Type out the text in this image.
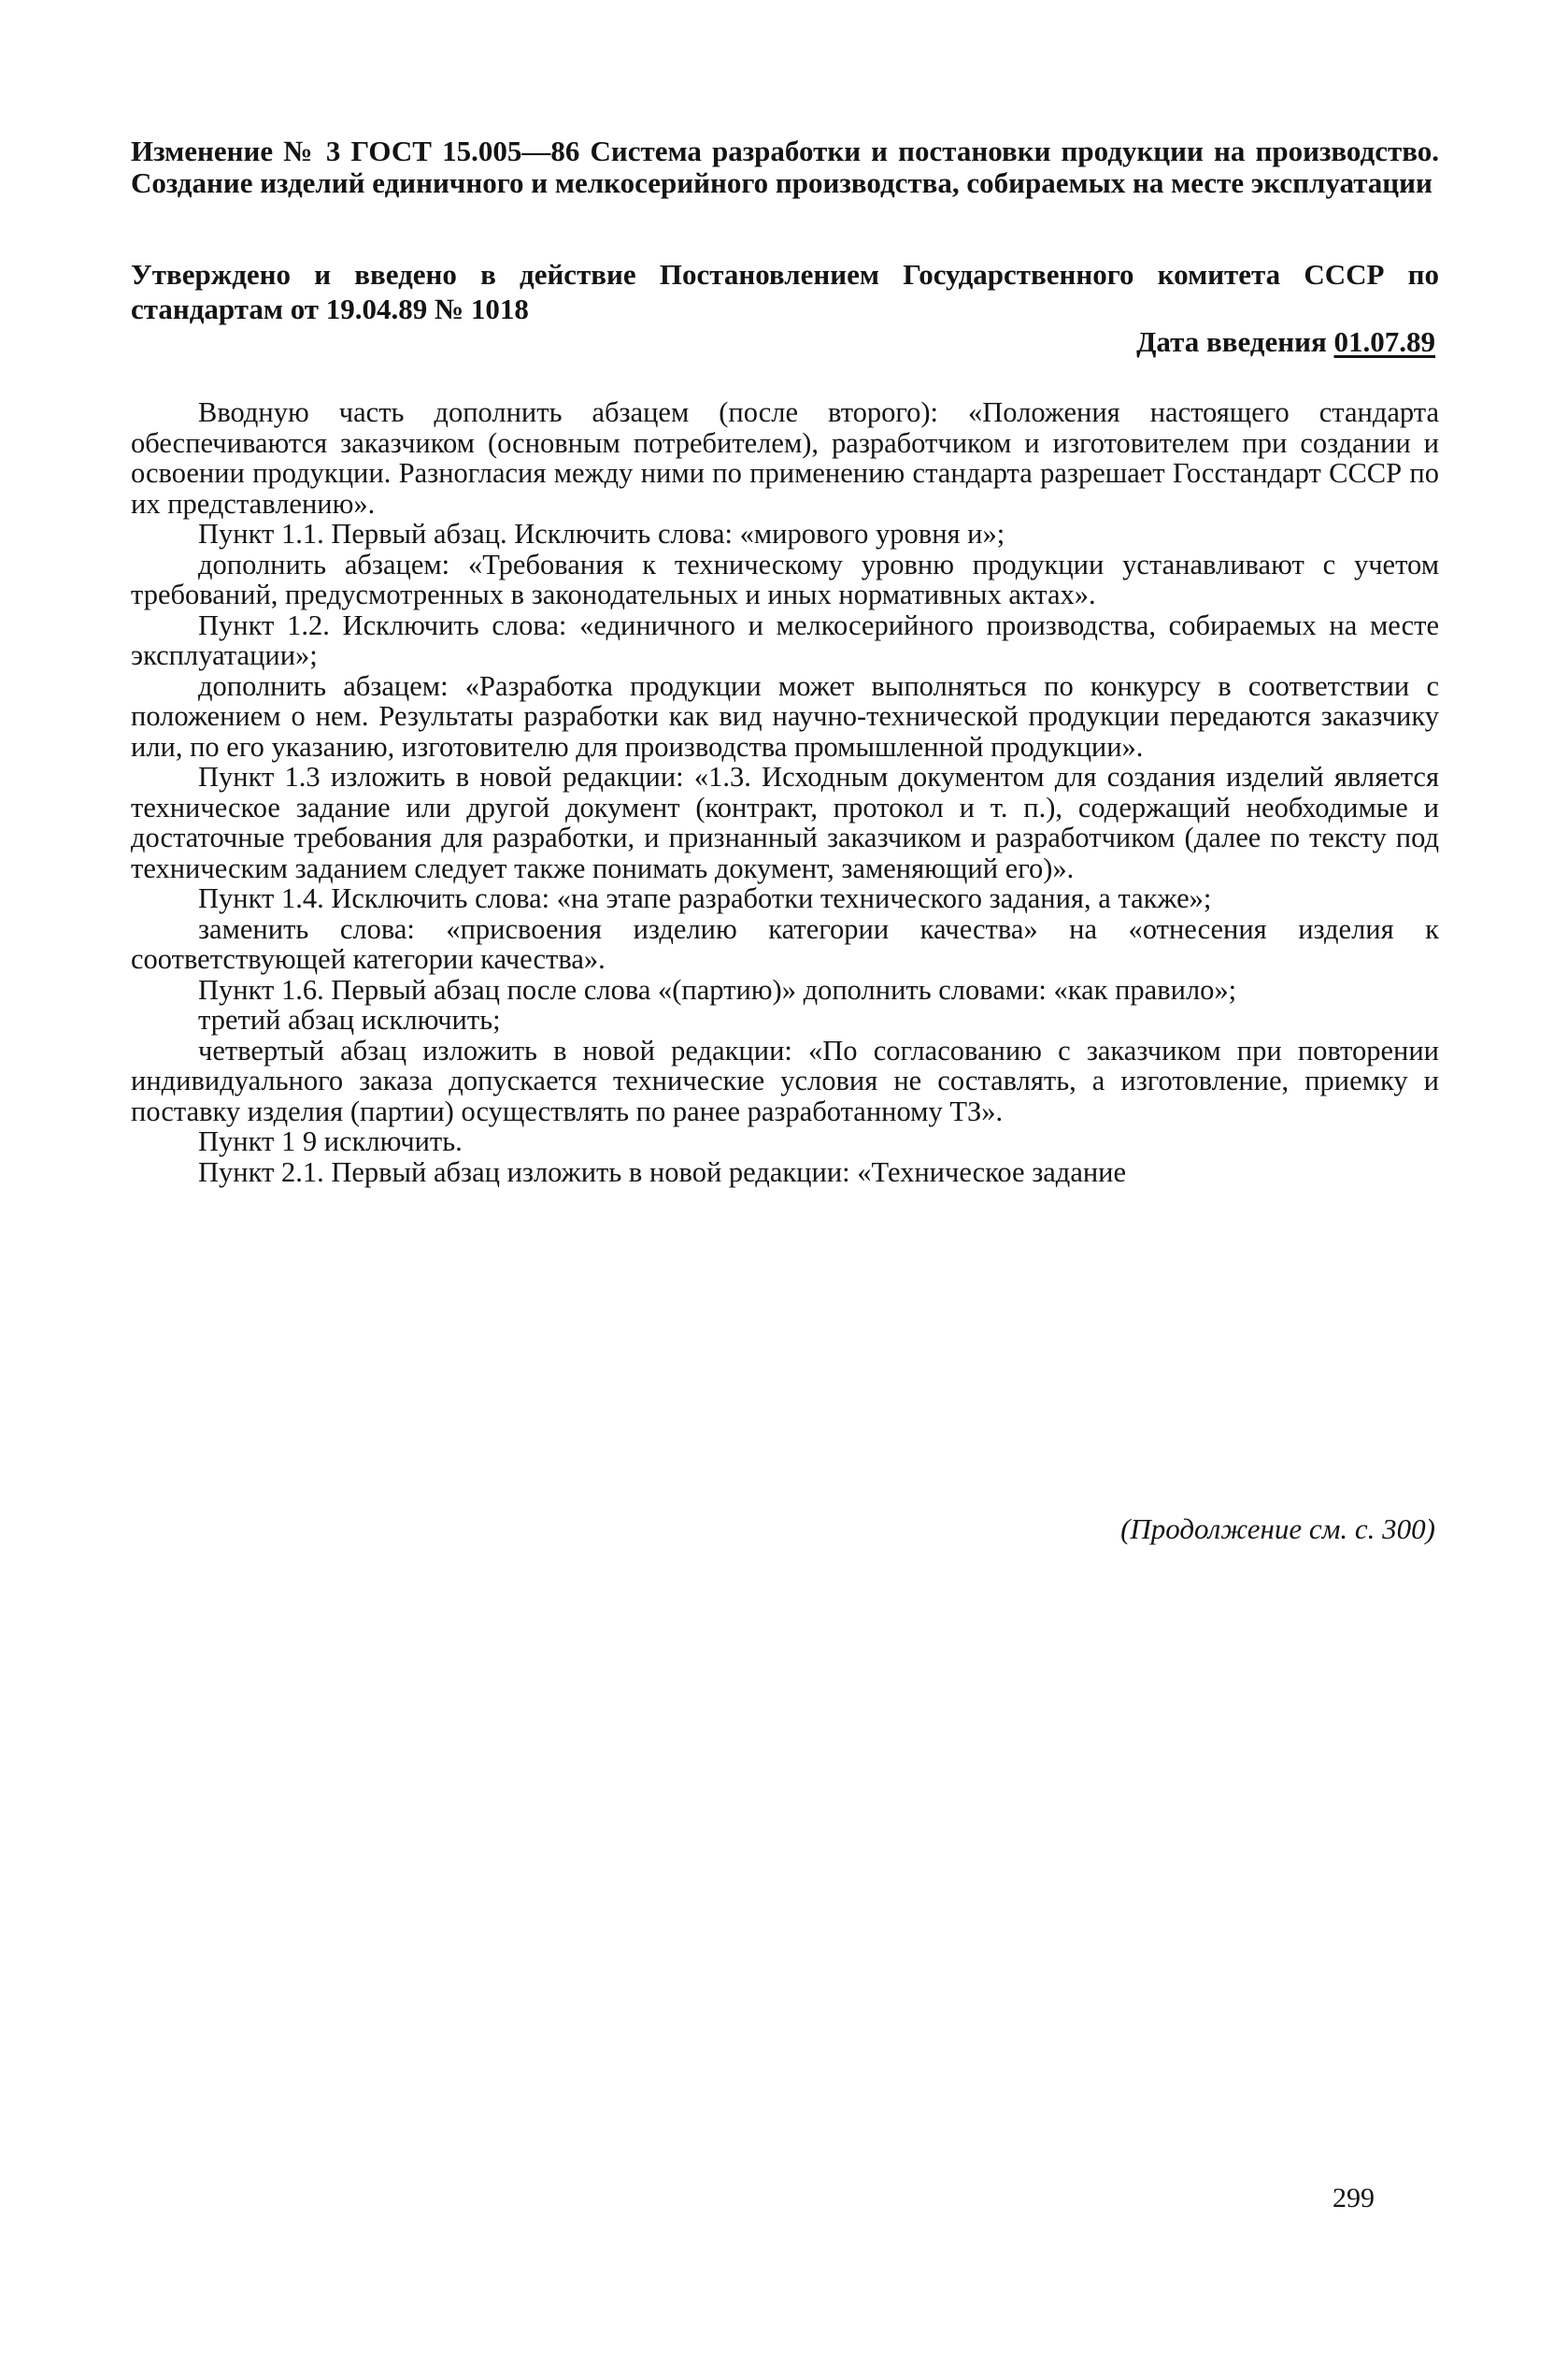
Изменение № 3 ГОСТ 15.005—86 Система разработки и постановки продукции на производство. Создание изделий единичного и мелкосерийного производства, собираемых на месте эксплуатации
Утверждено и введено в действие Постановлением Государственного комитета СССР по стандартам от 19.04.89 № 1018
Дата введения 01.07.89

Вводную часть дополнить абзацем (после второго): «Положения настоящего стандарта обеспечиваются заказчиком (основным потребителем), разработчиком и изготовителем при создании и освоении продукции. Разногласия между ними по применению стандарта разрешает Госстандарт СССР по их представлению».

Пункт 1.1. Первый абзац. Исключить слова: «мирового уровня и»;

дополнить абзацем: «Требования к техническому уровню продукции устанавливают с учетом требований, предусмотренных в законодательных и иных нормативных актах».

Пункт 1.2. Исключить слова: «единичного и мелкосерийного производства, собираемых на месте эксплуатации»;

дополнить абзацем: «Разработка продукции может выполняться по конкурсу в соответствии с положением о нем. Результаты разработки как вид научно-технической продукции передаются заказчику или, по его указанию, изготовителю для производства промышленной продукции».

Пункт 1.3 изложить в новой редакции: «1.3. Исходным документом для создания изделий является техническое задание или другой документ (контракт, протокол и т. п.), содержащий необходимые и достаточные требования для разработки, и признанный заказчиком и разработчиком (далее по тексту под техническим заданием следует также понимать документ, заменяющий его)».

Пункт 1.4. Исключить слова: «на этапе разработки технического задания, а также»;

заменить слова: «присвоения изделию категории качества» на «отнесения изделия к соответствующей категории качества».

Пункт 1.6. Первый абзац после слова «(партию)» дополнить словами: «как правило»;

третий абзац исключить;

четвертый абзац изложить в новой редакции: «По согласованию с заказчиком при повторении индивидуального заказа допускается технические условия не составлять, а изготовление, приемку и поставку изделия (партии) осуществлять по ранее разработанному ТЗ».

Пункт 1 9 исключить.

Пункт 2.1. Первый абзац изложить в новой редакции: «Техническое задание

(Продолжение см. с. 300)
299
